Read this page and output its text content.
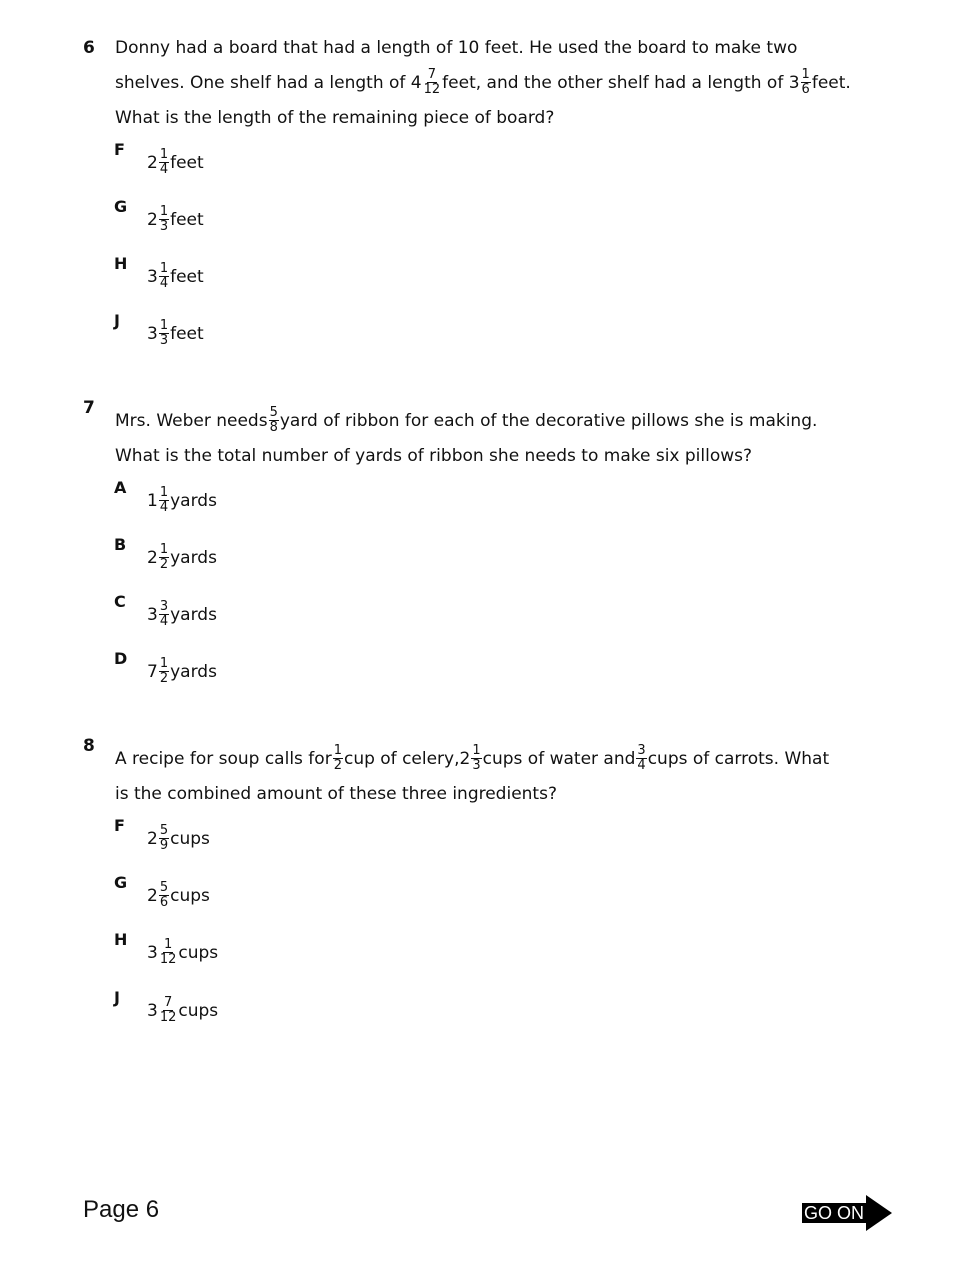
6 Donny had a board that had a length of 10 feet. He used the board to make two
shelves. One shelf had a length of $4 \frac{7}{12}$ feet, and the other shelf had a length of $3 \frac{1}{6}$ feet.
What is the length of the remaining piece of board?
F
$2 \frac{1}{4}$ feet
G
$2 \frac{1}{3}$ feet
H
$3 \frac{1}{4}$ feet
J
$3 \frac{1}{3}$ feet
7
Mrs. Weber needs $\frac{5}{8}$ yard of ribbon for each of the decorative pillows she is making.
What is the total number of yards of ribbon she needs to make six pillows?
A
$1 \frac{1}{4}$ yards
B
$2 \frac{1}{2}$ yards
C
$3 \frac{3}{4}$ yards
D
$7 \frac{1}{2}$ yards
8
A recipe for soup calls for $\frac{1}{2}$ cup of celery,2 $\frac{1}{3}$ cups of water and $\frac{3}{4}$ cups of carrots. What
is the combined amount of these three ingredients?
F
$2 \frac{5}{9}$ cups
G
$2 \frac{5}{6}$ cups
H
$3 \frac{1}{12}$ cups
J
$3 \frac{7}{12}$ cups
Page 6	GO ON
